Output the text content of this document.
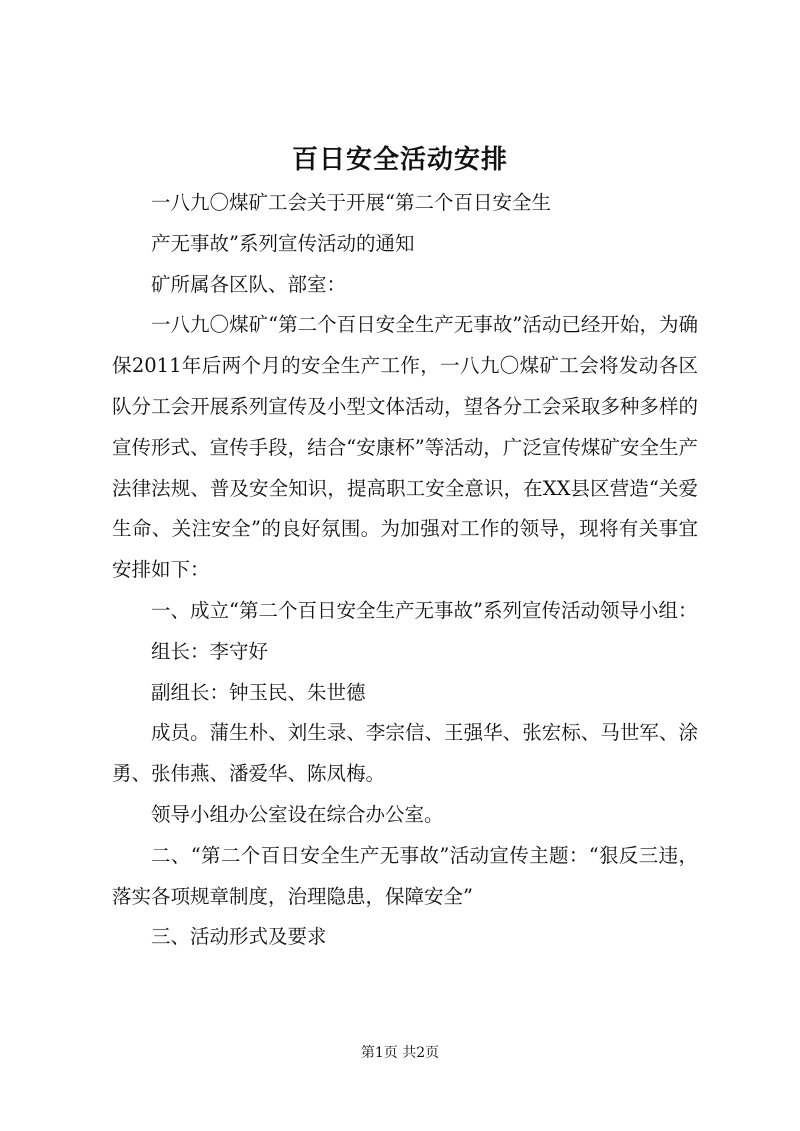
百日安全活动安排

一八九〇煤矿工会关于开展“第二个百日安全生

产无事故”系列宣传活动的通知

矿所属各区队、部室：

一八九〇煤矿“第二个百日安全生产无事故”活动已经开始，为确保2011年后两个月的安全生产工作，一八九〇煤矿工会将发动各区队分工会开展系列宣传及小型文体活动，望各分工会采取多种多样的宣传形式、宣传手段，结合“安康杯”等活动，广泛宣传煤矿安全生产法律法规、普及安全知识，提高职工安全意识，在XX县区营造“关爱生命、关注安全”的良好氛围。为加强对工作的领导，现将有关事宜安排如下：

一、成立“第二个百日安全生产无事故”系列宣传活动领导小组：

组长：李守好

副组长：钟玉民、朱世德

成员。蒲生朴、刘生录、李宗信、王强华、张宏标、马世军、涂勇、张伟燕、潘爱华、陈凤梅。

领导小组办公室设在综合办公室。

二、“第二个百日安全生产无事故”活动宣传主题：“狠反三违，落实各项规章制度，治理隐患，保障安全”

三、活动形式及要求

第1页 共2页
